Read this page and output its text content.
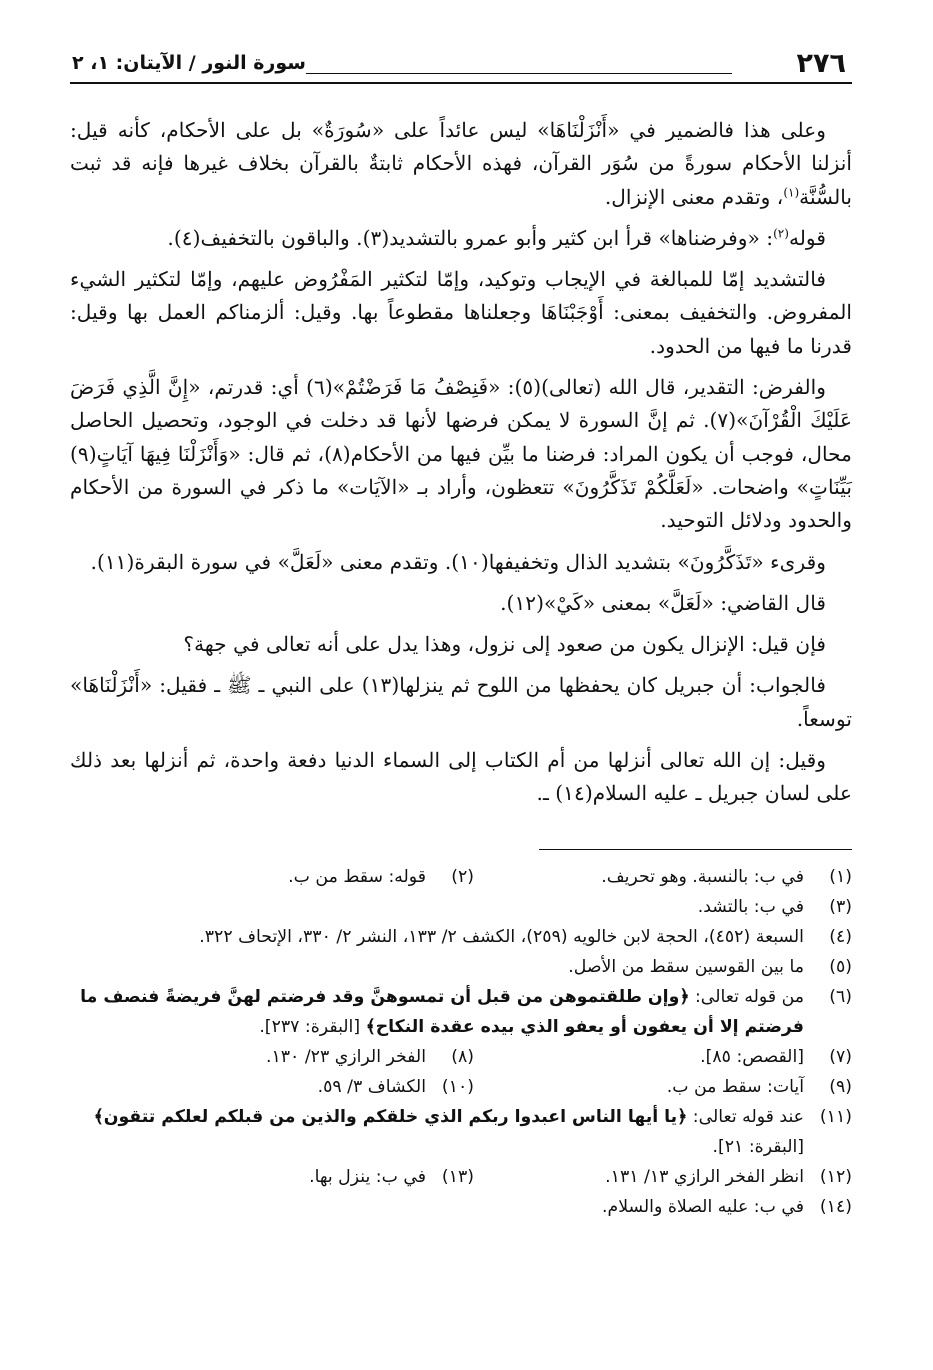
٢٧٦
سورة النور / الآيتان: ١، ٢

وعلى هذا فالضمير في «أَنْزَلْنَاهَا» ليس عائداً على «سُورَةٌ» بل على الأحكام، كأنه قيل: أنزلنا الأحكام سورةً من سُوَر القرآن، فهذه الأحكام ثابتةٌ بالقرآن بخلاف غيرها فإنه قد ثبت بالسُّنَّة$^{(١)}$، وتقدم معنى الإنزال.

قوله$^{(٢)}$: «وفرضناها» قرأ ابن كثير وأبو عمرو بالتشديد(٣). والباقون بالتخفيف(٤).

فالتشديد إمّا للمبالغة في الإيجاب وتوكيد، وإمّا لتكثير المَفْرُوض عليهم، وإمّا لتكثير الشيء المفروض. والتخفيف بمعنى: أَوْجَبْنَاهَا وجعلناها مقطوعاً بها. وقيل: ألزمناكم العمل بها وقيل: قدرنا ما فيها من الحدود.

والفرض: التقدير، قال الله (تعالى)(٥): «فَنِصْفُ مَا فَرَضْتُمْ»(٦) أي: قدرتم، «إِنَّ الَّذِي فَرَضَ عَلَيْكَ الْقُرْآنَ»(٧). ثم إنَّ السورة لا يمكن فرضها لأنها قد دخلت في الوجود، وتحصيل الحاصل محال، فوجب أن يكون المراد: فرضنا ما بيِّن فيها من الأحكام(٨)، ثم قال: «وَأَنْزَلْنَا فِيهَا آيَاتٍ(٩) بَيِّنَاتٍ» واضحات. «لَعَلَّكُمْ تَذَكَّرُونَ» تتعظون، وأراد بـ «الآيَات» ما ذكر في السورة من الأحكام والحدود ودلائل التوحيد.

وقرىء «تَذَكَّرُونَ» بتشديد الذال وتخفيفها(١٠). وتقدم معنى «لَعَلَّ» في سورة البقرة(١١).

قال القاضي: «لَعَلَّ» بمعنى «كَيْ»(١٢).

فإن قيل: الإنزال يكون من صعود إلى نزول، وهذا يدل على أنه تعالى في جهة؟

فالجواب: أن جبريل كان يحفظها من اللوح ثم ينزلها(١٣) على النبي ـ ﷺ ـ فقيل: «أَنْزَلْنَاهَا» توسعاً.

وقيل: إن الله تعالى أنزلها من أم الكتاب إلى السماء الدنيا دفعة واحدة، ثم أنزلها بعد ذلك على لسان جبريل ـ عليه السلام(١٤) ـ.

(١)
في ب: بالنسبة. وهو تحريف.
(٢)
قوله: سقط من ب.
(٣)
في ب: بالتشد.
(٤)
السبعة (٤٥٢)، الحجة لابن خالويه (٢٥٩)، الكشف ٢/ ١٣٣، النشر ٢/ ٣٣٠، الإتحاف ٣٢٢.
(٥)
ما بين القوسين سقط من الأصل.
(٦)
من قوله تعالى: ﴿وإن طلقتموهن من قبل أن تمسوهنَّ وقد فرضتم لهنَّ فريضةً فنصف ما فرضتم إلا أن يعفون أو يعفو الذي بيده عقدة النكاح﴾ [البقرة: ٢٣٧].
(٧)
[القصص: ٨٥].
(٨)
الفخر الرازي ٢٣/ ١٣٠.
(٩)
آيات: سقط من ب.
(١٠)
الكشاف ٣/ ٥٩.
(١١)
عند قوله تعالى: ﴿يا أيها الناس اعبدوا ربكم الذي خلقكم والذين من قبلكم لعلكم تتقون﴾ [البقرة: ٢١].
(١٢)
انظر الفخر الرازي ١٣/ ١٣١.
(١٣)
في ب: ينزل بها.
(١٤)
في ب: عليه الصلاة والسلام.
